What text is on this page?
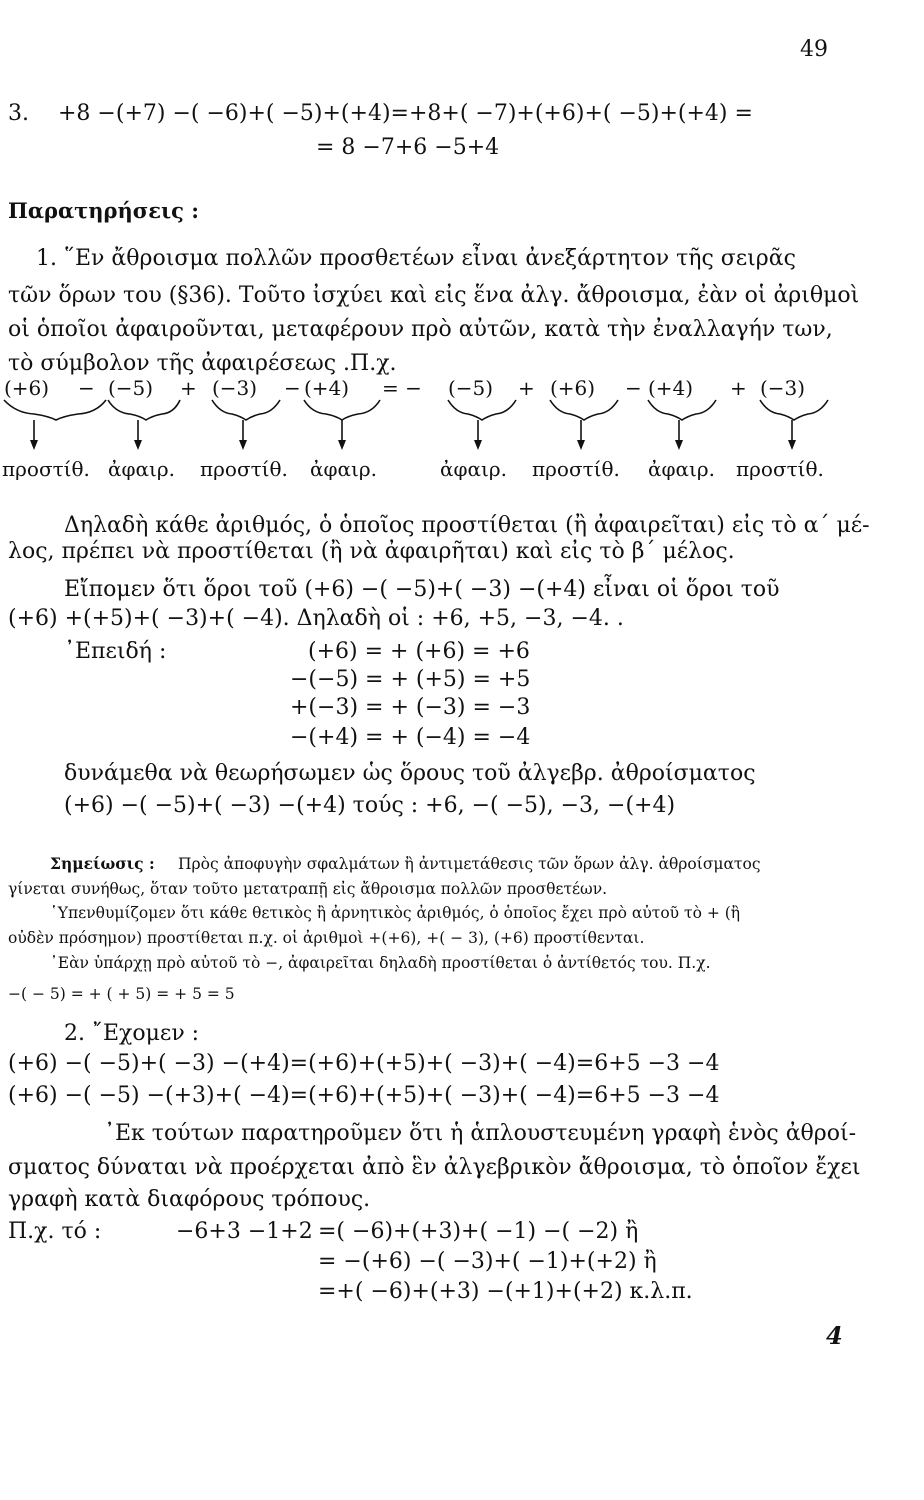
49
3. +8 −(+7) −( −6)+( −5)+(+4)=+8+( −7)+(+6)+( −5)+(+4) =
= 8 −7+6 −5+4
Παρατηρήσεις :
1. ῞Εν ἄθροισμα πολλῶν προσθετέων εἶναι ἀνεξάρτητον τῆς σειρᾶς
τῶν ὅρων του (§36). Τοῦτο ἰσχύει καὶ εἰς ἕνα ἀλγ. ἄθροισμα, ἐὰν οἱ ἀριθμοὶ
οἱ ὁποῖοι ἀφαιροῦνται, μεταφέρουν πρὸ αὐτῶν, κατὰ τὴν ἐναλλαγήν των,
τὸ σύμβολον τῆς ἀφαιρέσεως .Π.χ.
(+6) − (−5) + (−3) − (+4) = − (−5) + (+6) − (+4) + (−3)
προστίθ. ἀφαιρ. προστίθ. ἀφαιρ.	ἀφαιρ. προστίθ. ἀφαιρ. προστίθ.
Δηλαδὴ κάθε ἀριθμός, ὁ ὁποῖος προστίθεται (ἢ ἀφαιρεῖται) εἰς τὸ α΄ μέ-
λος, πρέπει νὰ προστίθεται (ἢ νὰ ἀφαιρῆται) καὶ εἰς τὸ β΄ μέλος.
Εἴπομεν ὅτι ὅροι τοῦ (+6) −( −5)+( −3) −(+4) εἶναι οἱ ὅροι τοῦ
(+6) +(+5)+( −3)+( −4). Δηλαδὴ οἱ : +6, +5, −3, −4. .
᾿Επειδή :	(+6) = + (+6) = +6
−(−5) = + (+5) = +5
+(−3) = + (−3) = −3
−(+4) = + (−4) = −4
δυνάμεθα νὰ θεωρήσωμεν ὡς ὅρους τοῦ ἀλγεβρ. ἀθροίσματος
(+6) −( −5)+( −3) −(+4) τούς : +6, −( −5), −3, −(+4)
Σημείωσις : Πρὸς ἀποφυγὴν σφαλμάτων ἢ ἀντιμετάθεσις τῶν ὅρων ἀλγ. ἀθροίσματος
γίνεται συνήθως, ὅταν τοῦτο μετατραπῇ εἰς ἄθροισμα πολλῶν προσθετέων.
῾Υπενθυμίζομεν ὅτι κάθε θετικὸς ἢ ἀρνητικὸς ἀριθμός, ὁ ὁποῖος ἔχει πρὸ αὐτοῦ τὸ + (ἢ
οὐδὲν πρόσημον) προστίθεται π.χ. οἱ ἀριθμοὶ +(+6), +( − 3), (+6) προστίθενται.
᾿Εὰν ὑπάρχῃ πρὸ αὐτοῦ τὸ −, ἀφαιρεῖται δηλαδὴ προστίθεται ὁ ἀντίθετός του. Π.χ.
−( − 5) = + ( + 5) = + 5 = 5
2. ῎Εχομεν :
(+6) −( −5)+( −3) −(+4)=(+6)+(+5)+( −3)+( −4)=6+5 −3 −4
(+6) −( −5) −(+3)+( −4)=(+6)+(+5)+( −3)+( −4)=6+5 −3 −4
᾿Εκ τούτων παρατηροῦμεν ὅτι ἡ ἁπλουστευμένη γραφὴ ἑνὸς ἀθροί-
σματος δύναται νὰ προέρχεται ἀπὸ ἓν ἀλγεβρικὸν ἄθροισμα, τὸ ὁποῖον ἔχει
γραφὴ κατὰ διαφόρους τρόπους.
Π.χ. τό :	−6+3 −1+2 =( −6)+(+3)+( −1) −( −2) ἢ
= −(+6) −( −3)+( −1)+(+2) ἢ
=+( −6)+(+3) −(+1)+(+2) κ.λ.π.
4
